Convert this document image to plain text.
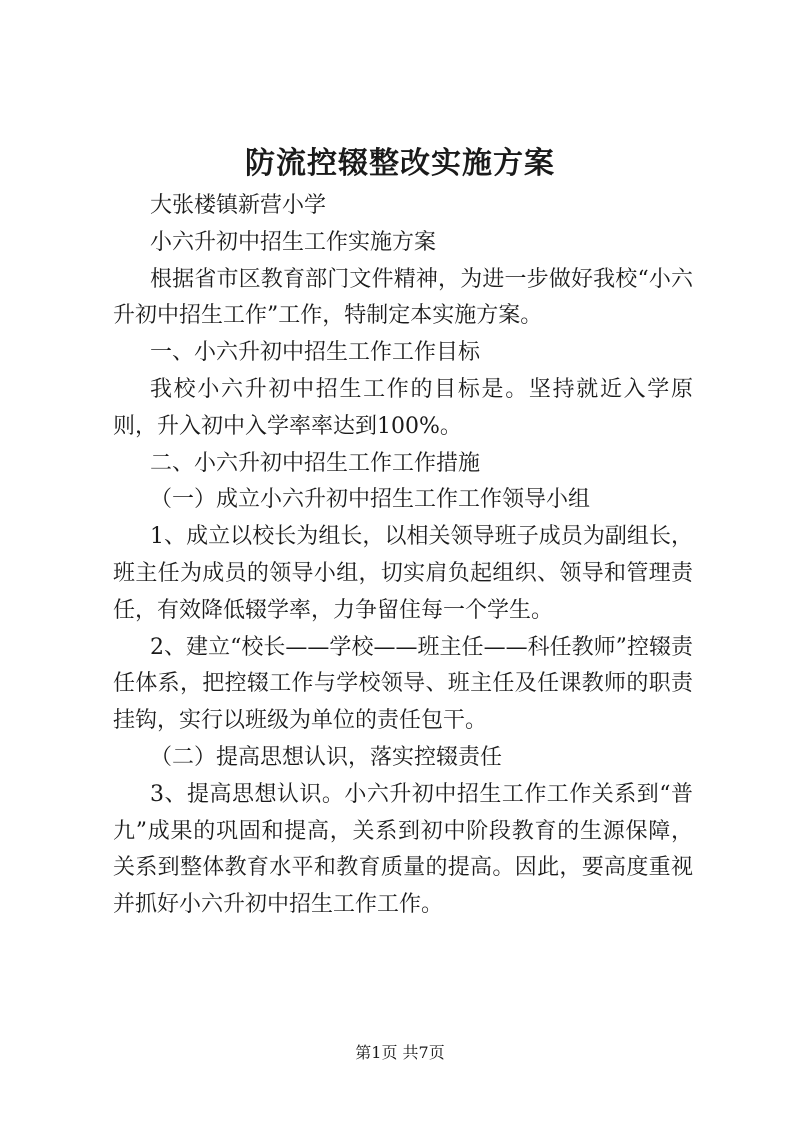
防流控辍整改实施方案

大张楼镇新营小学

小六升初中招生工作实施方案

根据省市区教育部门文件精神，为进一步做好我校“小六升初中招生工作”工作，特制定本实施方案。

一、小六升初中招生工作工作目标

我校小六升初中招生工作的目标是。坚持就近入学原则，升入初中入学率率达到100%。

二、小六升初中招生工作工作措施

（一）成立小六升初中招生工作工作领导小组

1、成立以校长为组长，以相关领导班子成员为副组长，班主任为成员的领导小组，切实肩负起组织、领导和管理责任，有效降低辍学率，力争留住每一个学生。

2、建立“校长——学校——班主任——科任教师”控辍责任体系，把控辍工作与学校领导、班主任及任课教师的职责挂钩，实行以班级为单位的责任包干。

（二）提高思想认识，落实控辍责任

3、提高思想认识。小六升初中招生工作工作关系到“普九”成果的巩固和提高，关系到初中阶段教育的生源保障，关系到整体教育水平和教育质量的提高。因此，要高度重视并抓好小六升初中招生工作工作。

第1页 共7页
